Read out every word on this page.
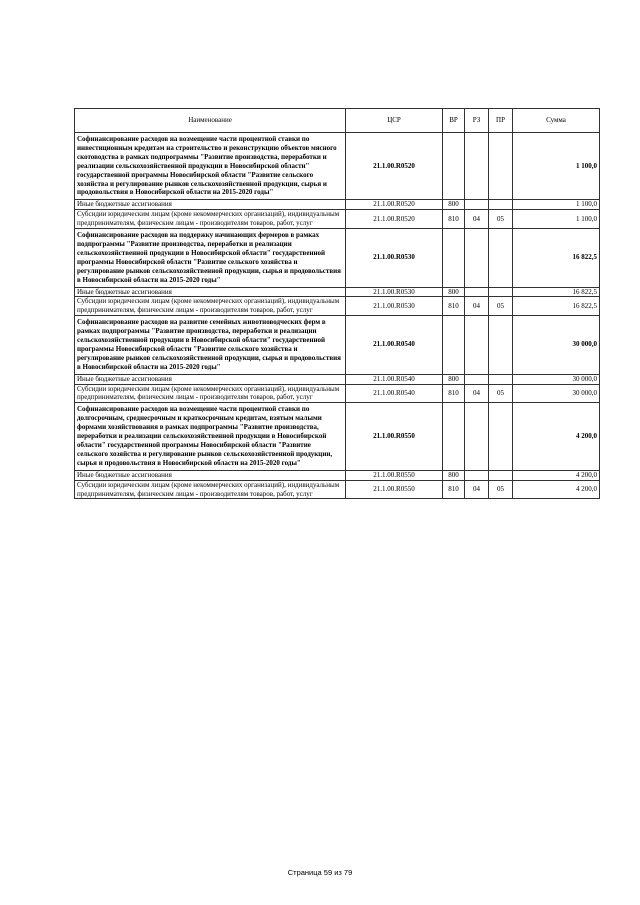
Наименование	ЦСР	ВР	РЗ	ПР	Сумма
Софинансирование расходов на возмещение части процентной ставки по инвестиционным кредитам на строительство и реконструкцию объектов мясного скотоводства в рамках подпрограммы "Развитие производства, переработки и реализации сельскохозяйственной продукции в Новосибирской области" государственной программы Новосибирской области "Развитие сельского хозяйства и регулирование рынков сельскохозяйственной продукции, сырья и продовольствия в Новосибирской области на 2015-2020 годы"	21.1.00.R0520				1 100,0
Иные бюджетные ассигнования	21.1.00.R0520	800			1 100,0
Субсидии юридическим лицам (кроме некоммерческих организаций), индивидуальным предпринимателям, физическим лицам - производителям товаров, работ, услуг	21.1.00.R0520	810	04	05	1 100,0
Софинансирование расходов на поддержку начинающих фермеров в рамках подпрограммы "Развитие производства, переработки и реализации сельскохозяйственной продукции в Новосибирской области" государственной программы Новосибирской области "Развитие сельского хозяйства и регулирование рынков сельскохозяйственной продукции, сырья и продовольствия в Новосибирской области на 2015-2020 годы"	21.1.00.R0530				16 822,5
Иные бюджетные ассигнования	21.1.00.R0530	800			16 822,5
Субсидии юридическим лицам (кроме некоммерческих организаций), индивидуальным предпринимателям, физическим лицам - производителям товаров, работ, услуг	21.1.00.R0530	810	04	05	16 822,5
Софинансирование расходов на развитие семейных животноводческих ферм в рамках подпрограммы "Развитие производства, переработки и реализации сельскохозяйственной продукции в Новосибирской области" государственной программы Новосибирской области "Развитие сельского хозяйства и регулирование рынков сельскохозяйственной продукции, сырья и продовольствия в Новосибирской области на 2015-2020 годы"	21.1.00.R0540				30 000,0
Иные бюджетные ассигнования	21.1.00.R0540	800			30 000,0
Субсидии юридическим лицам (кроме некоммерческих организаций), индивидуальным предпринимателям, физическим лицам - производителям товаров, работ, услуг	21.1.00.R0540	810	04	05	30 000,0
Софинансирование расходов на возмещение части процентной ставки по долгосрочным, среднесрочным и краткосрочным кредитам, взятым малыми формами хозяйствования в рамках подпрограммы "Развитие производства, переработки и реализации сельскохозяйственной продукции в Новосибирской области" государственной программы Новосибирской области "Развитие сельского хозяйства и регулирование рынков сельскохозяйственной продукции, сырья и продовольствия в Новосибирской области на 2015-2020 годы"	21.1.00.R0550				4 200,0
Иные бюджетные ассигнования	21.1.00.R0550	800			4 200,0
Субсидии юридическим лицам (кроме некоммерческих организаций), индивидуальным предпринимателям, физическим лицам - производителям товаров, работ, услуг	21.1.00.R0550	810	04	05	4 200,0
Страница 59 из 79
